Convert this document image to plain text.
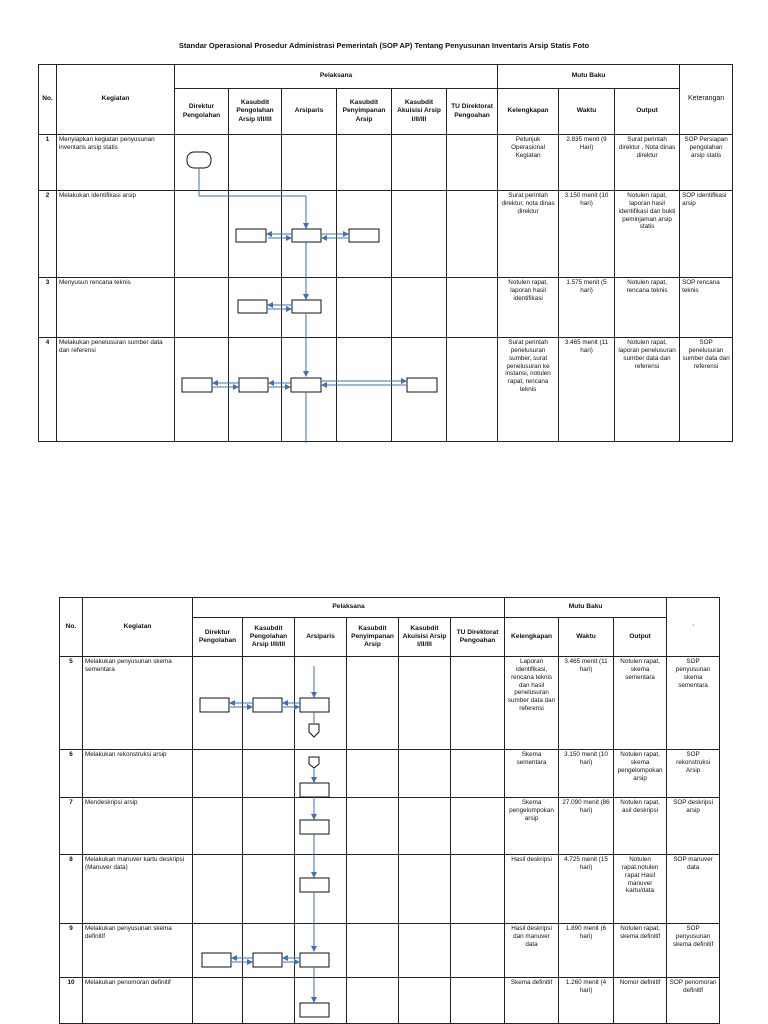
Standar Operasional Prosedur Administrasi Pemerintah (SOP AP) Tentang Penyusunan Inventaris Arsip Statis Foto
No.	Kegiatan	Pelaksana						Mutu Baku			Keterangan
		Direktur Pengolahan	Kasubdit Pengolahan Arsip I/II/III	Arsiparis	Kasubdit Penyimpanan Arsip	Kasubdit Akuisisi Arsip I/II/III	TU Direktorat Pengoahan	Kelengkapan	Waktu	Output	
1	Menyiapkan kegiatan penyusunan inventaris arsip statis							Petunjuk Operasional Kegiatan	2.835 menit (9 Hari)	Surat perintah direktur , Nota dinas direktur	SOP Persiapan pengolahan arsip statis
2	Melakukan identifikasi arsip							Surat perintah direktur, nota dinas direktur	3.150 menit (10 hari)	Notulen rapat, laporan hasil identifikasi dan bukti peminjaman arsip statis	SOP identifikasi arsip
3	Menyusun rencana teknis							Notulen rapat, laporan hasil identifikasi	1.575 menit (5 hari)	Notulen rapat, rencana teknis	SOP rencana teknis
4	Melakukan penelusuran sumber data dan referensi							Surat perintah penelusuran sumber, surat penelusuran ke instansi, notulen rapat, rencana teknis	3.465 menit (11 hari)	Notulen rapat, laporan penelusuran sumber data dan referensi	SOP penelusuran sumber data dan referensi
No.	Kegiatan	Pelaksana						Mutu Baku			'
		Direktur Pengolahan	Kasubdit Pengolahan Arsip I/II/III	Arsiparis	Kasubdit Penyimpanan Arsip	Kasubdit Akuisisi Arsip I/II/III	TU Direktorat Pengoahan	Kelengkapan	Waktu	Output	
5	Melakukan penyusunan skema sementara							Laporan identifikasi, rencana teknis dan hasil penelusuran sumber data dan referensi	3.465 menit (11 hari)	Notulen rapat, skema sementara	SOP penyusunan skema sementara
6	Melakukan rekonstruksi arsip							Skema sementara	3.150 menit (10 hari)	Notulen rapat, skema pengelompokan arsip	SOP rekonstruksi Arsip
7	Mendeskripsi arsip							Skema pengelompokan arsip	27.090 menit (86 hari)	Notulen rapat, asil deskripsi	SOP deskripsi arsip
8	Melakukan manuver kartu deskripsi (Manuver data)							Hasil deskripsi	4.725 menit (15 hari)	Notulen rapat,notulen rapat Hasil manuver kartu/data	SOP manuver data
9	Melakukan penyusunan skema definitif							Hasil deskripsi dan manuver data	1.890 menit (6 hari)	Notulen rapat, skema definitif	SOP penyusunan skema definitif
10	Melakukan penomoran definitif							Skema definitif	1.260 menit (4 hari)	Nomor definitif	SOP penomoran definitif
